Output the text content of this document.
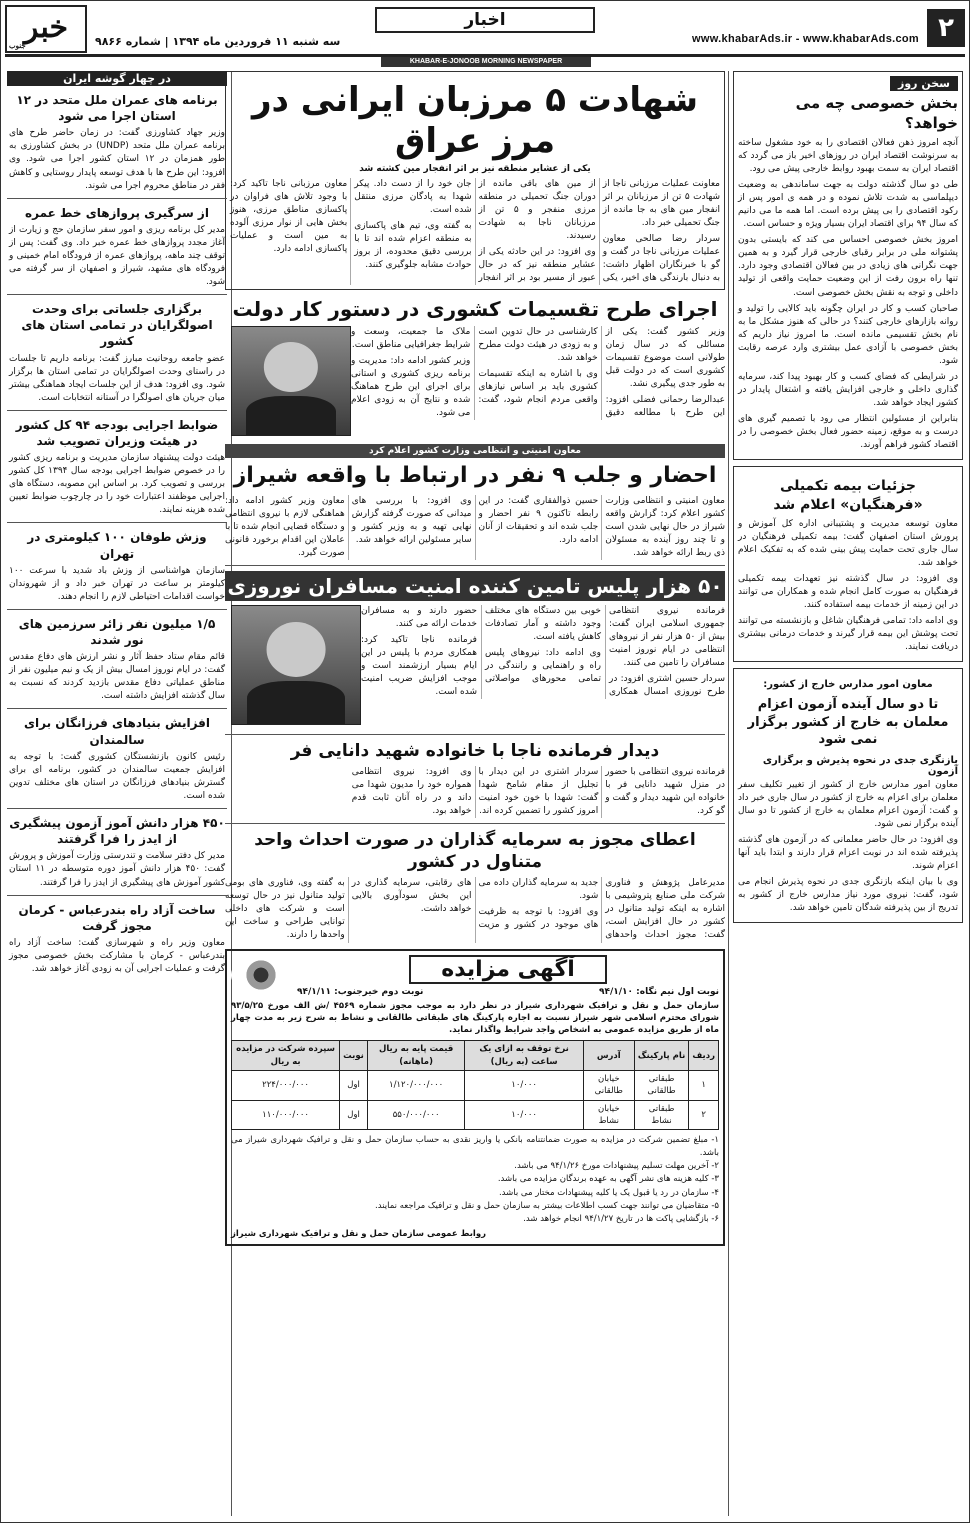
۲
www.khabarAds.ir - www.khabarAds.com
اخبار
سه شنبه ۱۱ فروردین ماه ۱۳۹۴ | شماره ۹۸۶۶
خبر
جنوب
KHABAR-E-JONOOB MORNING NEWSPAPER
سخن روز
بخش خصوصی چه می خواهد؟

آنچه امروز ذهن فعالان اقتصادی را به خود مشغول ساخته به سرنوشت اقتصاد ایران در روزهای اخیر باز می گردد که اقتصاد ایران به سمت بهبود روابط خارجی پیش می رود.

طی دو سال گذشته دولت به جهت ساماندهی به وضعیت دیپلماسی به شدت تلاش نموده و در همه ی امور پس از رکود اقتصادی را بی پیش برده است. اما همه ما می دانیم که سال ۹۴ برای اقتصاد ایران بسیار ویژه و حساس است.

امروز بخش خصوصی احساس می کند که بایستی بدون پشتوانه ملی در برابر رقبای خارجی قرار گیرد و به همین جهت نگرانی های زیادی در بین فعالان اقتصادی وجود دارد. تنها راه برون رفت از این وضعیت حمایت واقعی از تولید داخلی و توجه به نقش بخش خصوصی است.

صاحبان کسب و کار در ایران چگونه باید کالایی را تولید و روانه بازارهای خارجی کنند؟ در حالی که هنوز مشکل ما به نام بخش تقسیمی مانده است. ما امروز نیاز داریم که بخش خصوصی با آزادی عمل بیشتری وارد عرصه رقابت شود.

در شرایطی که فضای کسب و کار بهبود پیدا کند، سرمایه گذاری داخلی و خارجی افزایش یافته و اشتغال پایدار در کشور ایجاد خواهد شد.

بنابراین از مسئولین انتظار می رود با تصمیم گیری های درست و به موقع، زمینه حضور فعال بخش خصوصی را در اقتصاد کشور فراهم آورند.

جزئیات بیمه تکمیلی «فرهنگیان» اعلام شد

معاون توسعه مدیریت و پشتیبانی اداره کل آموزش و پرورش استان اصفهان گفت: بیمه تکمیلی فرهنگیان در سال جاری تحت حمایت پیش بینی شده که به تفکیک اعلام خواهد شد.

وی افزود: در سال گذشته نیز تعهدات بیمه تکمیلی فرهنگیان به صورت کامل انجام شده و همکاران می توانند در این زمینه از خدمات بیمه استفاده کنند.

وی ادامه داد: تمامی فرهنگیان شاغل و بازنشسته می توانند تحت پوشش این بیمه قرار گیرند و خدمات درمانی بیشتری دریافت نمایند.

معاون امور مدارس خارج از کشور:
تا دو سال آینده آزمون اعزام معلمان به خارج از کشور برگزار نمی شود
بازنگری جدی در نحوه پذیرش و برگزاری آزمون

معاون امور مدارس خارج از کشور از تغییر تکلیف سفر معلمان برای اعزام به خارج از کشور در سال جاری خبر داد و گفت: آزمون اعزام معلمان به خارج از کشور تا دو سال آینده برگزار نمی شود.

وی افزود: در حال حاضر معلمانی که در آزمون های گذشته پذیرفته شده اند در نوبت اعزام قرار دارند و ابتدا باید آنها اعزام شوند.

وی با بیان اینکه بازنگری جدی در نحوه پذیرش انجام می شود، گفت: نیروی مورد نیاز مدارس خارج از کشور به تدریج از بین پذیرفته شدگان تامین خواهد شد.

شهادت ۵ مرزبان ایرانی در مرز عراق
یکی از عشایر منطقه نیز بر اثر انفجار مین کشته شد

معاونت عملیات مرزبانی ناجا از شهادت ۵ تن از مرزبانان بر اثر انفجار مین های به جا مانده از جنگ تحمیلی خبر داد.

سردار رضا صالحی معاون عملیات مرزبانی ناجا در گفت و گو با خبرنگاران اظهار داشت: به دنبال بارندگی های اخیر، یکی از مین های باقی مانده از دوران جنگ تحمیلی در منطقه مرزی منفجر و ۵ تن از مرزبانان ناجا به شهادت رسیدند.

وی افزود: در این حادثه یکی از عشایر منطقه نیز که در حال عبور از مسیر بود بر اثر انفجار جان خود را از دست داد. پیکر شهدا به پادگان مرزی منتقل شده است.

به گفته وی، تیم های پاکسازی به منطقه اعزام شده اند تا با بررسی دقیق محدوده، از بروز حوادث مشابه جلوگیری کنند.

معاون مرزبانی ناجا تاکید کرد: با وجود تلاش های فراوان در پاکسازی مناطق مرزی، هنوز بخش هایی از نوار مرزی آلوده به مین است و عملیات پاکسازی ادامه دارد.

اجرای طرح تقسیمات کشوری در دستور کار دولت

وزیر کشور گفت: یکی از مسائلی که در سال زمان طولانی است موضوع تقسیمات کشوری است که در دولت قبل به طور جدی پیگیری نشد.

عبدالرضا رحمانی فضلی افزود: این طرح با مطالعه دقیق کارشناسی در حال تدوین است و به زودی در هیئت دولت مطرح خواهد شد.

وی با اشاره به اینکه تقسیمات کشوری باید بر اساس نیازهای واقعی مردم انجام شود، گفت: ملاک ما جمعیت، وسعت و شرایط جغرافیایی مناطق است.

وزیر کشور ادامه داد: مدیریت و برنامه ریزی کشوری و استانی برای اجرای این طرح هماهنگ شده و نتایج آن به زودی اعلام می شود.

معاون امنیتی و انتظامی وزارت کشور اعلام کرد
احضار و جلب ۹ نفر در ارتباط با واقعه شیراز

معاون امنیتی و انتظامی وزارت کشور اعلام کرد: گزارش واقعه شیراز در حال نهایی شدن است و تا چند روز آینده به مسئولان ذی ربط ارائه خواهد شد.

حسین ذوالفقاری گفت: در این رابطه تاکنون ۹ نفر احضار و جلب شده اند و تحقیقات از آنان ادامه دارد.

وی افزود: با بررسی های میدانی که صورت گرفته گزارش نهایی تهیه و به وزیر کشور و سایر مسئولین ارائه خواهد شد.

معاون وزیر کشور ادامه داد: هماهنگی لازم با نیروی انتظامی و دستگاه قضایی انجام شده تا با عاملان این اقدام برخورد قانونی صورت گیرد.

۵۰ هزار پلیس تامین کننده امنیت مسافران نوروزی

فرمانده نیروی انتظامی جمهوری اسلامی ایران گفت: بیش از ۵۰ هزار نفر از نیروهای انتظامی در ایام نوروز امنیت مسافران را تامین می کنند.

سردار حسین اشتری افزود: در طرح نوروزی امسال همکاری خوبی بین دستگاه های مختلف وجود داشته و آمار تصادفات کاهش یافته است.

وی ادامه داد: نیروهای پلیس راه و راهنمایی و رانندگی در تمامی محورهای مواصلاتی حضور دارند و به مسافران خدمات ارائه می کنند.

فرمانده ناجا تاکید کرد: همکاری مردم با پلیس در این ایام بسیار ارزشمند است و موجب افزایش ضریب امنیت شده است.

دیدار فرمانده ناجا با خانواده شهید دانایی فر

فرمانده نیروی انتظامی با حضور در منزل شهید دانایی فر با خانواده این شهید دیدار و گفت و گو کرد.

سردار اشتری در این دیدار با تجلیل از مقام شامخ شهدا گفت: شهدا با خون خود امنیت امروز کشور را تضمین کرده اند.

وی افزود: نیروی انتظامی همواره خود را مدیون شهدا می داند و در راه آنان ثابت قدم خواهد بود.

اعطای مجوز به سرمایه گذاران در صورت احداث واحد متناول در کشور

مدیرعامل پژوهش و فناوری شرکت ملی صنایع پتروشیمی با اشاره به اینکه تولید متانول در کشور در حال افزایش است، گفت: مجوز احداث واحدهای جدید به سرمایه گذاران داده می شود.

وی افزود: با توجه به ظرفیت های موجود در کشور و مزیت های رقابتی، سرمایه گذاری در این بخش سودآوری بالایی خواهد داشت.

به گفته وی، فناوری های بومی تولید متانول نیز در حال توسعه است و شرکت های داخلی توانایی طراحی و ساخت این واحدها را دارند.

آگهی مزایده
نوبت اول نیم نگاه: ۹۴/۱/۱۰
نوبت دوم خیرجنوب: ۹۴/۱/۱۱

سازمان حمل و نقل و ترافیک شهرداری شیراز در نظر دارد به موجب مجوز شماره ۴۵۶۹ /ش الف مورخ ۹۳/۵/۲۵ شورای محترم اسلامی شهر شیراز نسبت به اجاره پارکینگ های طبقاتی طالقانی و نشاط به شرح زیر به مدت چهار ماه از طریق مزایده عمومی به اشخاص واجد شرایط واگذار نماید.

ردیف	نام پارکینگ	آدرس	نرخ توقف به ازای یک ساعت (به ریال)	قیمت پایه به ریال (ماهانه)	نوبت	سپرده شرکت در مزایده به ریال
۱	طبقاتی طالقانی	خیابان طالقانی	۱۰/۰۰۰	۱/۱۲۰/۰۰۰/۰۰۰	اول	۲۲۴/۰۰۰/۰۰۰
۲	طبقاتی نشاط	خیابان نشاط	۱۰/۰۰۰	۵۵۰/۰۰۰/۰۰۰	اول	۱۱۰/۰۰۰/۰۰۰

۱- مبلغ تضمین شرکت در مزایده به صورت ضمانتنامه بانکی یا واریز نقدی به حساب سازمان حمل و نقل و ترافیک شهرداری شیراز می باشد.

۲- آخرین مهلت تسلیم پیشنهادات مورخ ۹۴/۱/۲۶ می باشد.

۳- کلیه هزینه های نشر آگهی به عهده برندگان مزایده می باشد.

۴- سازمان در رد یا قبول یک یا کلیه پیشنهادات مختار می باشد.

۵- متقاضیان می توانند جهت کسب اطلاعات بیشتر به سازمان حمل و نقل و ترافیک مراجعه نمایند.

۶- بازگشایی پاکت ها در تاریخ ۹۴/۱/۲۷ انجام خواهد شد.

روابط عمومی سازمان حمل و نقل و ترافیک شهرداری شیراز
در چهار گوشه ایران
برنامه های عمران ملل متحد در ۱۲ استان اجرا می شود

وزیر جهاد کشاورزی گفت: در زمان حاضر طرح های برنامه عمران ملل متحد (UNDP) در بخش کشاورزی به طور همزمان در ۱۲ استان کشور اجرا می شود. وی افزود: این طرح ها با هدف توسعه پایدار روستایی و کاهش فقر در مناطق محروم اجرا می شوند.

از سرگیری پروازهای خط عمره

مدیر کل برنامه ریزی و امور سفر سازمان حج و زیارت از آغاز مجدد پروازهای خط عمره خبر داد. وی گفت: پس از توقف چند ماهه، پروازهای عمره از فرودگاه امام خمینی و فرودگاه های مشهد، شیراز و اصفهان از سر گرفته می شود.

برگزاری جلساتی برای وحدت اصولگرایان در تمامی استان های کشور

عضو جامعه روحانیت مبارز گفت: برنامه داریم تا جلسات در راستای وحدت اصولگرایان در تمامی استان ها برگزار شود. وی افزود: هدف از این جلسات ایجاد هماهنگی بیشتر میان جریان های اصولگرا در آستانه انتخابات است.

ضوابط اجرایی بودجه ۹۴ کل کشور در هیئت وزیران تصویب شد

هیئت دولت پیشنهاد سازمان مدیریت و برنامه ریزی کشور را در خصوص ضوابط اجرایی بودجه سال ۱۳۹۴ کل کشور بررسی و تصویب کرد. بر اساس این مصوبه، دستگاه های اجرایی موظفند اعتبارات خود را در چارچوب ضوابط تعیین شده هزینه نمایند.

وزش طوفان ۱۰۰ کیلومتری در تهران

سازمان هواشناسی از وزش باد شدید با سرعت ۱۰۰ کیلومتر بر ساعت در تهران خبر داد و از شهروندان خواست اقدامات احتیاطی لازم را انجام دهند.

۱/۵ میلیون نفر زائر سرزمین های نور شدند

قائم مقام ستاد حفظ آثار و نشر ارزش های دفاع مقدس گفت: در ایام نوروز امسال بیش از یک و نیم میلیون نفر از مناطق عملیاتی دفاع مقدس بازدید کردند که نسبت به سال گذشته افزایش داشته است.

افزایش بنیادهای فرزانگان برای سالمندان

رئیس کانون بازنشستگان کشوری گفت: با توجه به افزایش جمعیت سالمندان در کشور، برنامه ای برای گسترش بنیادهای فرزانگان در استان های مختلف تدوین شده است.

۴۵۰ هزار دانش آموز آزمون پیشگیری از ایدز را فرا گرفتند

مدیر کل دفتر سلامت و تندرستی وزارت آموزش و پرورش گفت: ۴۵۰ هزار دانش آموز دوره متوسطه در ۱۱ استان کشور آموزش های پیشگیری از ایدز را فرا گرفتند.

ساخت آزاد راه بندرعباس - کرمان مجوز گرفت

معاون وزیر راه و شهرسازی گفت: ساخت آزاد راه بندرعباس - کرمان با مشارکت بخش خصوصی مجوز گرفت و عملیات اجرایی آن به زودی آغاز خواهد شد.
